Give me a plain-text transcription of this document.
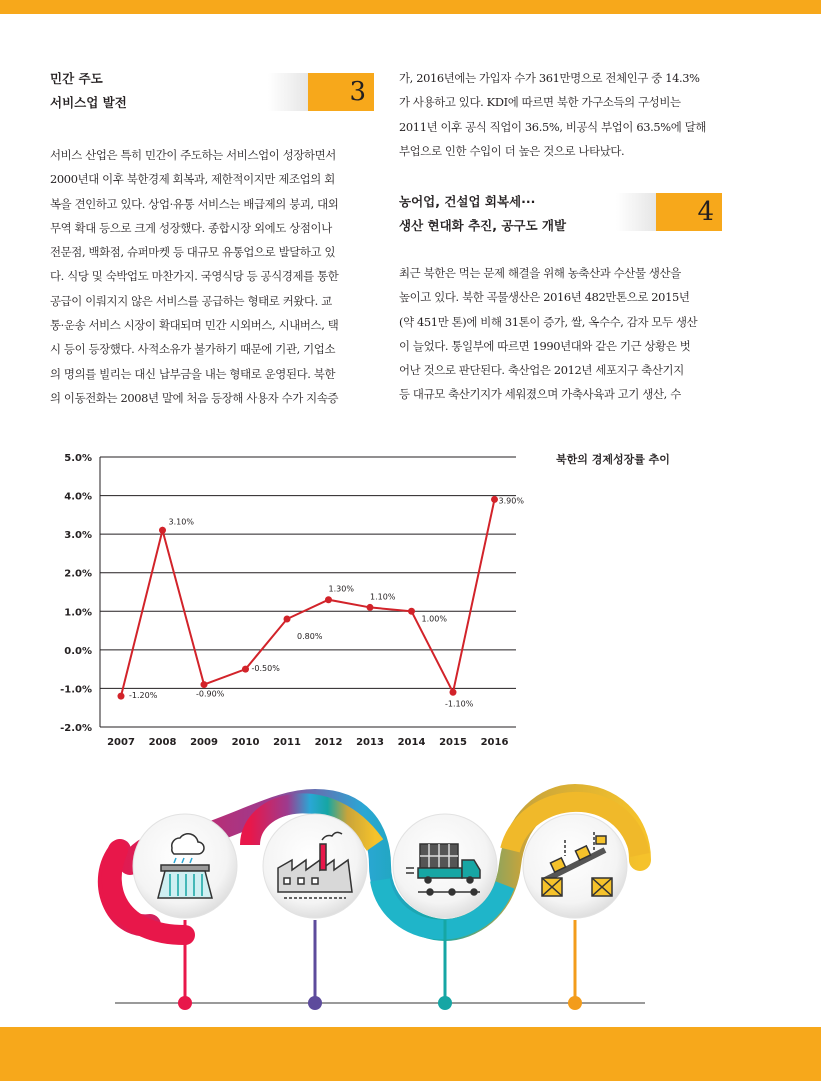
민간 주도
서비스업 발전	3
서비스 산업은 특히 민간이 주도하는 서비스업이 성장하면서
2000년대 이후 북한경제 회복과, 제한적이지만 제조업의 회
복을 견인하고 있다. 상업·유통 서비스는 배급제의 붕괴, 대외
무역 확대 등으로 크게 성장했다. 종합시장 외에도 상점이나
전문점, 백화점, 슈퍼마켓 등 대규모 유통업으로 발달하고 있
다. 식당 및 숙박업도 마찬가지. 국영식당 등 공식경제를 통한
공급이 이뤄지지 않은 서비스를 공급하는 형태로 커왔다. 교
통·운송 서비스 시장이 확대되며 민간 시외버스, 시내버스, 택
시 등이 등장했다. 사적소유가 불가하기 때문에 기관, 기업소
의 명의를 빌리는 대신 납부금을 내는 형태로 운영된다. 북한
의 이동전화는 2008년 말에 처음 등장해 사용자 수가 지속증
가, 2016년에는 가입자 수가 361만명으로 전체인구 중 14.3%
가 사용하고 있다. KDI에 따르면 북한 가구소득의 구성비는
2011년 이후 공식 직업이 36.5%, 비공식 부업이 63.5%에 달해
부업으로 인한 수입이 더 높은 것으로 나타났다.
농어업, 건설업 회복세···
생산 현대화 추진, 공구도 개발	4
최근 북한은 먹는 문제 해결을 위해 농축산과 수산물 생산을
높이고 있다. 북한 곡물생산은 2016년 482만톤으로 2015년
(약 451만 톤)에 비해 31톤이 증가, 쌀, 옥수수, 감자 모두 생산
이 늘었다. 통일부에 따르면 1990년대와 같은 기근 상황은 벗
어난 것으로 판단된다. 축산업은 2012년 세포지구 축산기지
등 대규모 축산기지가 세워졌으며 가축사육과 고기 생산, 수
북한의 경제성장률 추이
5.0%
4.0%
3.0%
2.0%
1.0%
0.0%
-1.0%
-2.0%
2007 2008 2009 2010 2011 2012 2013 2014 2015 2016
-1.20%
3.10%
-0.90%
-0.50%
0.80%
1.30%
1.10%
1.00%
-1.10%
3.90%
